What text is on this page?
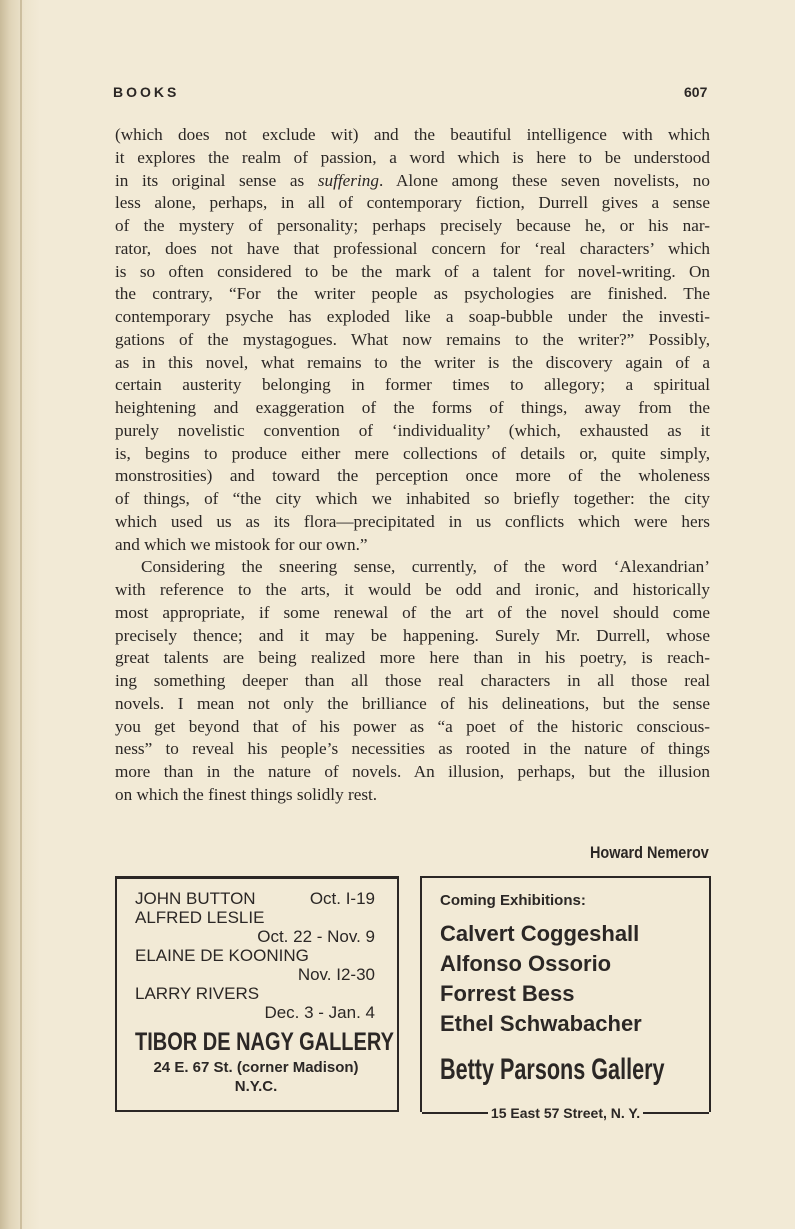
BOOKS	607
(which does not exclude wit) and the beautiful intelligence with which
it explores the realm of passion, a word which is here to be understood
in its original sense as suffering. Alone among these seven novelists, no
less alone, perhaps, in all of contemporary fiction, Durrell gives a sense
of the mystery of personality; perhaps precisely because he, or his nar-
rator, does not have that professional concern for ‘real characters’ which
is so often considered to be the mark of a talent for novel-writing. On
the contrary, “For the writer people as psychologies are finished. The
contemporary psyche has exploded like a soap-bubble under the investi-
gations of the mystagogues. What now remains to the writer?” Possibly,
as in this novel, what remains to the writer is the discovery again of a
certain austerity belonging in former times to allegory; a spiritual
heightening and exaggeration of the forms of things, away from the
purely novelistic convention of ‘individuality’ (which, exhausted as it
is, begins to produce either mere collections of details or, quite simply,
monstrosities) and toward the perception once more of the wholeness
of things, of “the city which we inhabited so briefly together: the city
which used us as its flora—precipitated in us conflicts which were hers
and which we mistook for our own.”
Considering the sneering sense, currently, of the word ‘Alexandrian’
with reference to the arts, it would be odd and ironic, and historically
most appropriate, if some renewal of the art of the novel should come
precisely thence; and it may be happening. Surely Mr. Durrell, whose
great talents are being realized more here than in his poetry, is reach-
ing something deeper than all those real characters in all those real
novels. I mean not only the brilliance of his delineations, but the sense
you get beyond that of his power as “a poet of the historic conscious-
ness” to reveal his people’s necessities as rooted in the nature of things
more than in the nature of novels. An illusion, perhaps, but the illusion
on which the finest things solidly rest.
Howard Nemerov
JOHN BUTTON	Oct. I-19
ALFRED LESLIE
Oct. 22 - Nov. 9
ELAINE DE KOONING
Nov. I2-30
LARRY RIVERS
Dec. 3 - Jan. 4
TIBOR DE NAGY GALLERY
24 E. 67 St. (corner Madison)
N.Y.C.
Coming Exhibitions:
Calvert Coggeshall
Alfonso Ossorio
Forrest Bess
Ethel Schwabacher
Betty Parsons Gallery
15 East 57 Street, N. Y.
